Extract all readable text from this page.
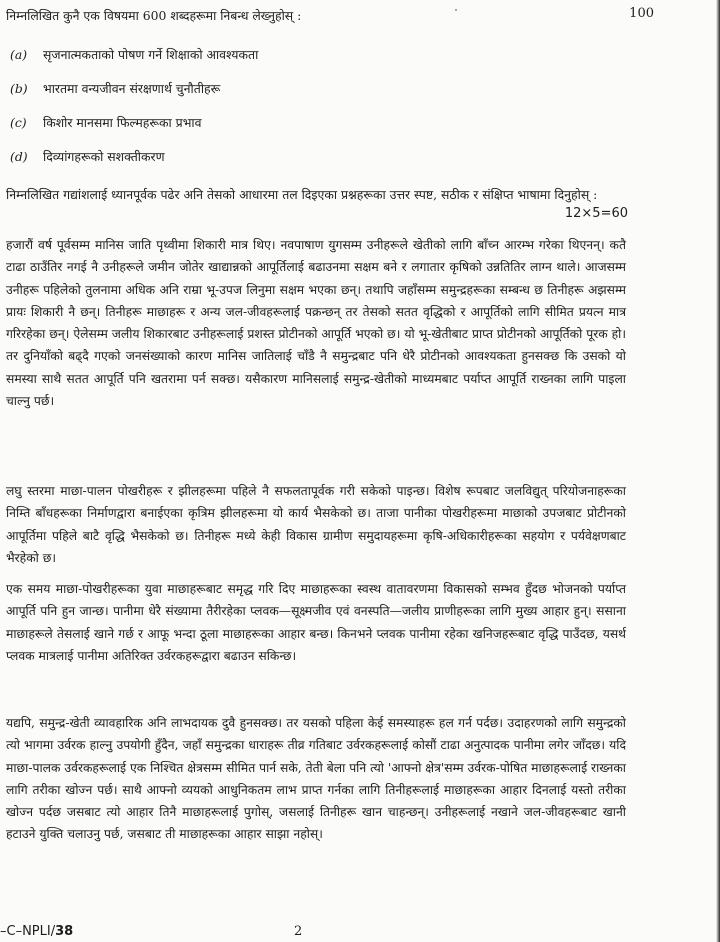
निम्नलिखित कुनै एक विषयमा 600 शब्दहरूमा निबन्ध लेख्नुहोस् :	100
(a)	सृजनात्मकताको पोषण गर्ने शिक्षाको आवश्यकता
(b)	भारतमा वन्यजीवन संरक्षणार्थ चुनौतीहरू
(c)	किशोर मानसमा फिल्महरूका प्रभाव
(d)	दिव्यांगहरूको सशक्तीकरण
निम्नलिखित गद्यांशलाई ध्यानपूर्वक पढेर अनि तेसको आधारमा तल दिइएका प्रश्नहरूका उत्तर स्पष्ट, सठीक र संक्षिप्त भाषामा दिनुहोस् :
12×5=60

हजारौं वर्ष पूर्वसम्म मानिस जाति पृथ्वीमा शिकारी मात्र थिए। नवपाषाण युगसम्म उनीहरूले खेतीको लागि बाँच्न आरम्भ गरेका थिएनन्। कतै टाढा ठाउँतिर नगई नै उनीहरूले जमीन जोतेर खाद्यान्नको आपूर्तिलाई बढाउनमा सक्षम बने र लगातार कृषिको उन्नतितिर लाग्न थाले। आजसम्म उनीहरू पहिलेको तुलनामा अधिक अनि राम्रा भू-उपज लिनुमा सक्षम भएका छन्। तथापि जहाँसम्म समुन्द्रहरूका सम्बन्ध छ तिनीहरू अझसम्म प्रायः शिकारी नै छन्। तिनीहरू माछाहरू र अन्य जल-जीवहरूलाई पक्रन्छन् तर तेसको सतत वृद्धिको र आपूर्तिको लागि सीमित प्रयत्न मात्र गरिरहेका छन्। ऐलेसम्म जलीय शिकारबाट उनीहरूलाई प्रशस्त प्रोटीनको आपूर्ति भएको छ। यो भू-खेतीबाट प्राप्त प्रोटीनको आपूर्तिको पूरक हो। तर दुनियाँको बढ्दै गएको जनसंख्याको कारण मानिस जातिलाई चाँडै नै समुन्द्रबाट पनि धेरै प्रोटीनको आवश्यकता हुनसक्छ कि उसको यो समस्या साथै सतत आपूर्ति पनि खतरामा पर्न सक्छ। यसैकारण मानिसलाई समुन्द्र-खेतीको माध्यमबाट पर्याप्त आपूर्ति राख्नका लागि पाइला चाल्नु पर्छ।

लघु स्तरमा माछा-पालन पोखरीहरू र झीलहरूमा पहिले नै सफलतापूर्वक गरी सकेको पाइन्छ। विशेष रूपबाट जलविद्युत् परियोजनाहरूका निम्ति बाँधहरूका निर्माणद्वारा बनाईएका कृत्रिम झीलहरूमा यो कार्य भैसकेको छ। ताजा पानीका पोखरीहरूमा माछाको उपजबाट प्रोटीनको आपूर्तिमा पहिले बाटै वृद्धि भैसकेको छ। तिनीहरू मध्ये केही विकास ग्रामीण समुदायहरूमा कृषि-अधिकारीहरूका सहयोग र पर्यवेक्षणबाट भैरहेको छ।

एक समय माछा-पोखरीहरूका युवा माछाहरूबाट समृद्ध गरि दिए माछाहरूका स्वस्थ वातावरणमा विकासको सम्भव हुँदछ भोजनको पर्याप्त आपूर्ति पनि हुन जान्छ। पानीमा धेरै संख्यामा तैरीरहेका प्लवक—सूक्ष्मजीव एवं वनस्पति—जलीय प्राणीहरूका लागि मुख्य आहार हुन्। ससाना माछाहरूले तेसलाई खाने गर्छ र आफू भन्दा ठूला माछाहरूका आहार बन्छ। किनभने प्लवक पानीमा रहेका खनिजहरूबाट वृद्धि पाउँदछ, यसर्थ प्लवक मात्रलाई पानीमा अतिरिक्त उर्वरकहरूद्वारा बढाउन सकिन्छ।

यद्यपि, समुन्द्र-खेती व्यावहारिक अनि लाभदायक दुवै हुनसक्छ। तर यसको पहिला केई समस्याहरू हल गर्न पर्दछ। उदाहरणको लागि समुन्द्रको त्यो भागमा उर्वरक हाल्नु उपयोगी हुँदैन, जहाँ समुन्द्रका धाराहरू तीव्र गतिबाट उर्वरकहरूलाई कोसौं टाढा अनुत्पादक पानीमा लगेर जाँदछ। यदि माछा-पालक उर्वरकहरूलाई एक निश्चित क्षेत्रसम्म सीमित पार्न सके, तेती बेला पनि त्यो 'आफ्नो क्षेत्र'सम्म उर्वरक-पोषित माछाहरूलाई राख्नका लागि तरीका खोज्न पर्छ। साथै आफ्नो व्ययको आधुनिकतम लाभ प्राप्त गर्नका लागि तिनीहरूलाई माछाहरूका आहार दिनलाई यस्तो तरीका खोज्न पर्दछ जसबाट त्यो आहार तिनै माछाहरूलाई पुगोस्, जसलाई तिनीहरू खान चाहन्छन्। उनीहरूलाई नखाने जल-जीवहरूबाट खानी हटाउने युक्ति चलाउनु पर्छ, जसबाट ती माछाहरूका आहार साझा नहोस्।

–C–NPLI/38	2
